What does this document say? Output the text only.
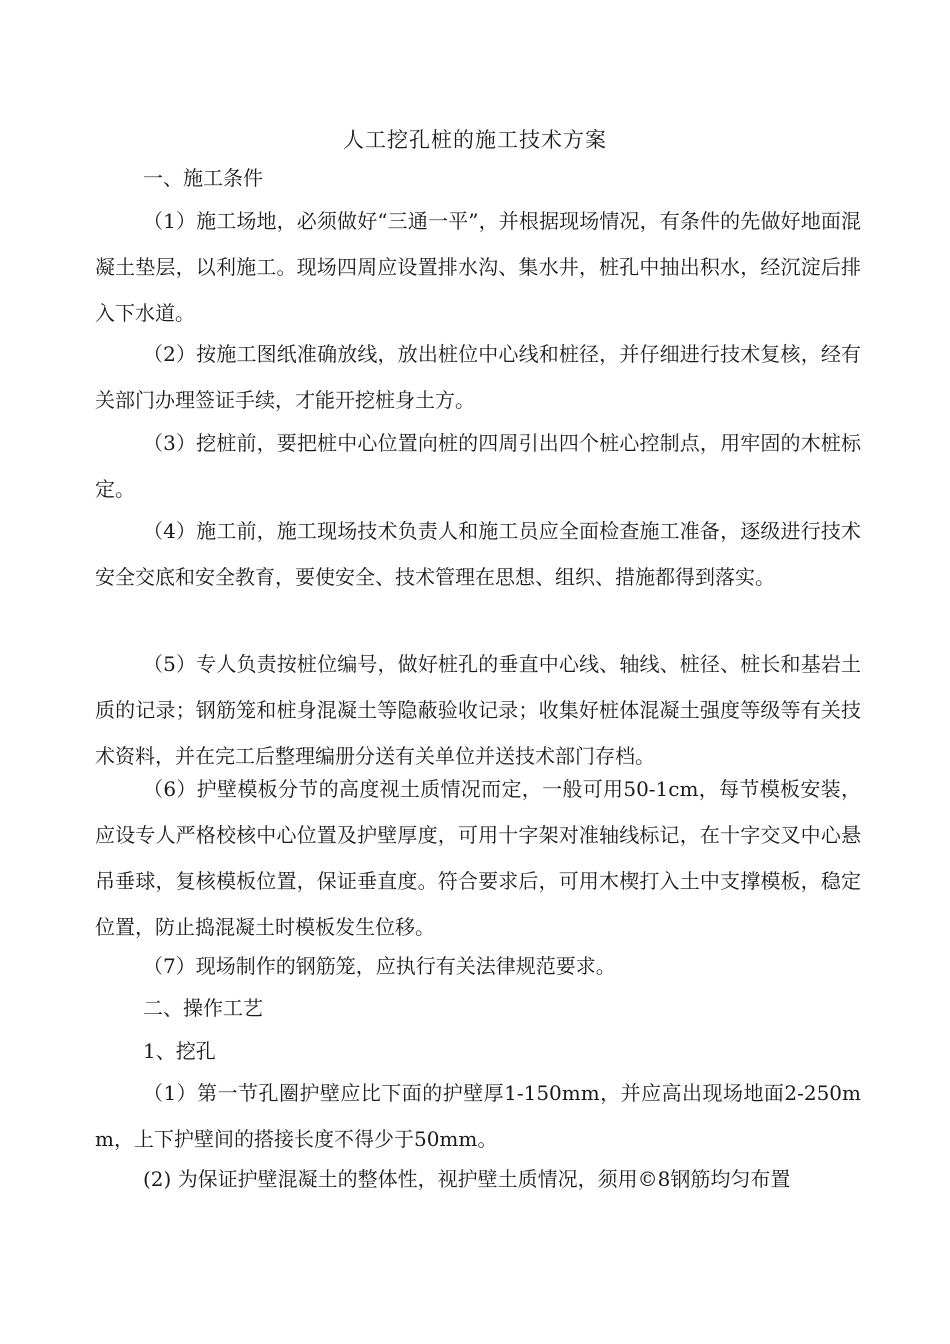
人工挖孔桩的施工技术方案
一、施工条件

（1）施工场地，必须做好“三通一平”，并根据现场情况，有条件的先做好地面混凝土垫层，以利施工。现场四周应设置排水沟、集水井，桩孔中抽出积水，经沉淀后排入下水道。

（2）按施工图纸准确放线，放出桩位中心线和桩径，并仔细进行技术复核，经有关部门办理签证手续，才能开挖桩身土方。

（3）挖桩前，要把桩中心位置向桩的四周引出四个桩心控制点，用牢固的木桩标定。

（4）施工前，施工现场技术负责人和施工员应全面检查施工准备，逐级进行技术安全交底和安全教育，要使安全、技术管理在思想、组织、措施都得到落实。

（5）专人负责按桩位编号，做好桩孔的垂直中心线、轴线、桩径、桩长和基岩土质的记录；钢筋笼和桩身混凝土等隐蔽验收记录；收集好桩体混凝土强度等级等有关技术资料，并在完工后整理编册分送有关单位并送技术部门存档。

（6）护壁模板分节的高度视土质情况而定，一般可用50-1cm，每节模板安装，应设专人严格校核中心位置及护壁厚度，可用十字架对准轴线标记，在十字交叉中心悬吊垂球，复核模板位置，保证垂直度。符合要求后，可用木楔打入土中支撑模板，稳定位置，防止捣混凝土时模板发生位移。

（7）现场制作的钢筋笼，应执行有关法律规范要求。

二、操作工艺
1、挖孔

（1）第一节孔圈护壁应比下面的护壁厚1-150mm，并应高出现场地面2-250mm，上下护壁间的搭接长度不得少于50mm。

(2) 为保证护壁混凝土的整体性，视护壁土质情况，须用©8钢筋均匀布置
